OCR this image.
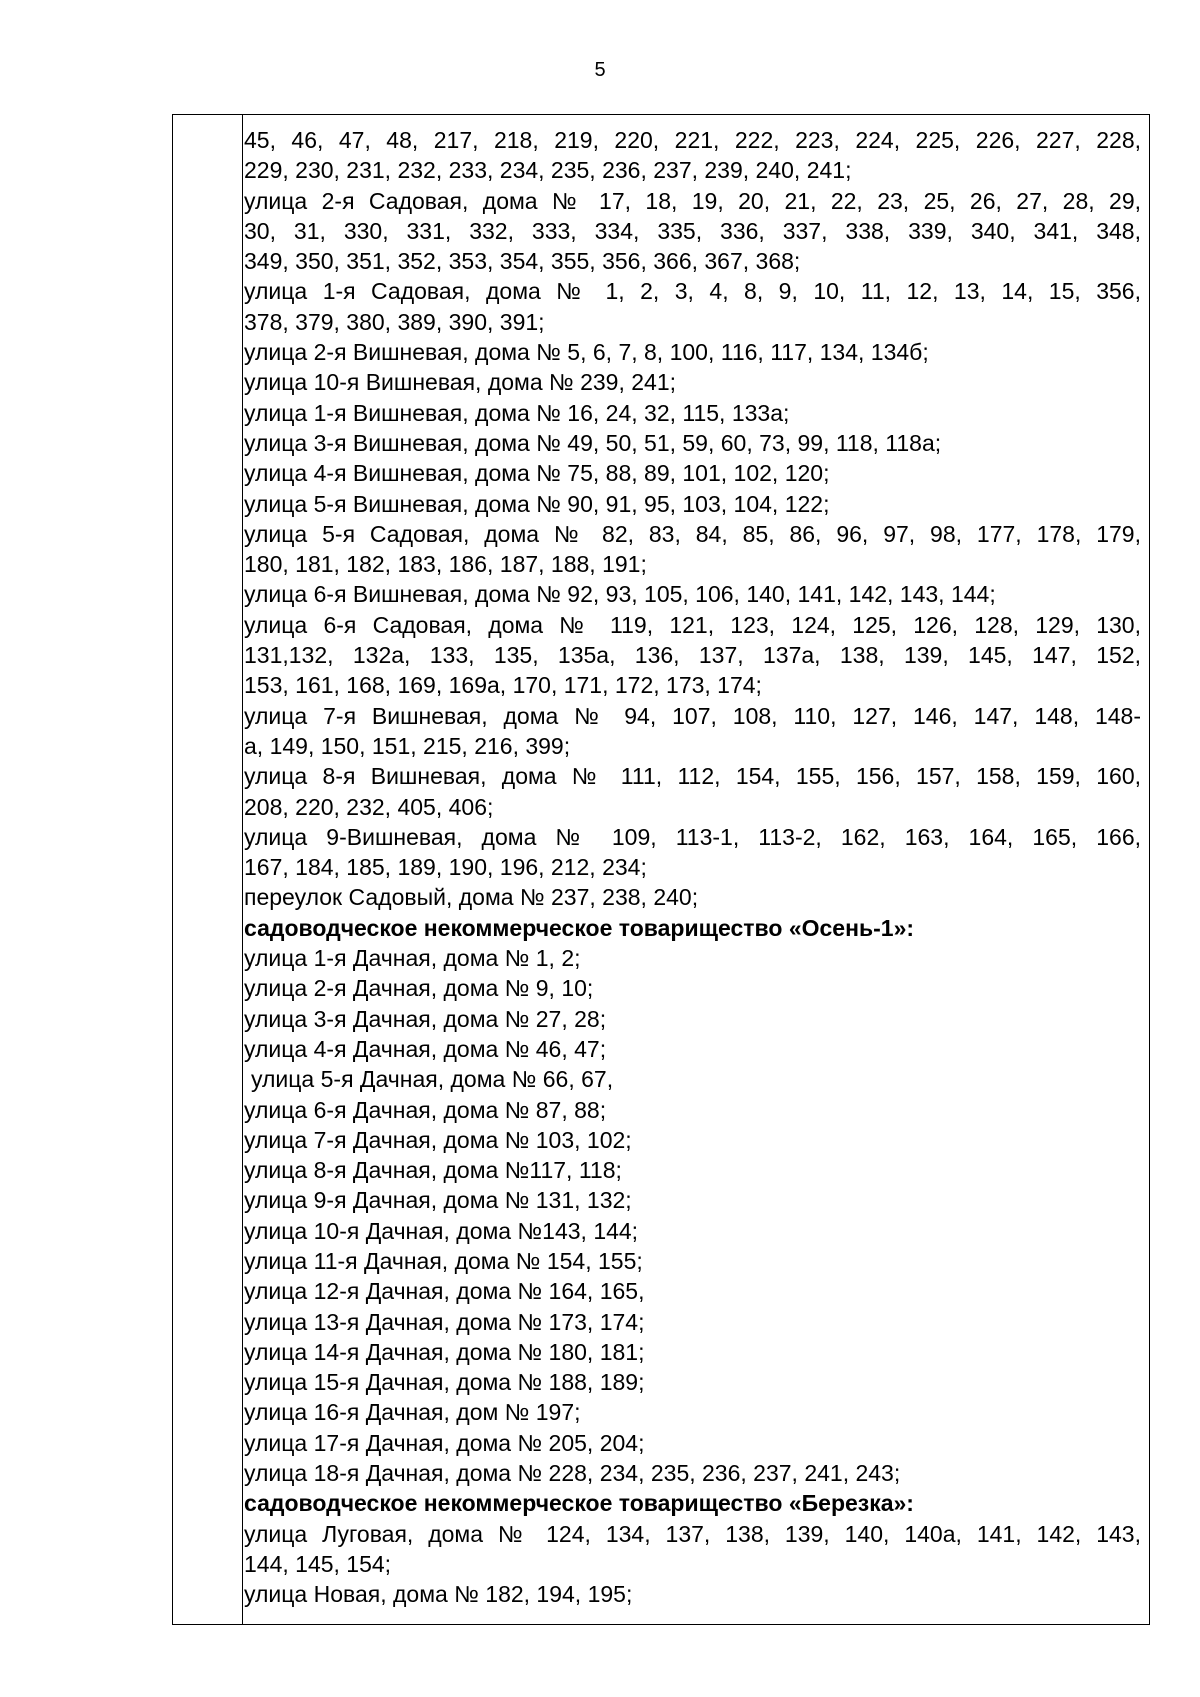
5
45, 46, 47, 48, 217, 218, 219, 220, 221, 222, 223, 224, 225, 226, 227, 228,
229, 230, 231, 232, 233, 234, 235, 236, 237, 239, 240, 241;
улица 2-я Садовая, дома № 17, 18, 19, 20, 21, 22, 23, 25, 26, 27, 28, 29,
30, 31, 330, 331, 332, 333, 334, 335, 336, 337, 338, 339, 340, 341, 348,
349, 350, 351, 352, 353, 354, 355, 356, 366, 367, 368;
улица 1-я Садовая, дома № 1, 2, 3, 4, 8, 9, 10, 11, 12, 13, 14, 15, 356,
378, 379, 380, 389, 390, 391;
улица 2-я Вишневая, дома № 5, 6, 7, 8, 100, 116, 117, 134, 134б;
улица 10-я Вишневая, дома № 239, 241;
улица 1-я Вишневая, дома № 16, 24, 32, 115, 133а;
улица 3-я Вишневая, дома № 49, 50, 51, 59, 60, 73, 99, 118, 118а;
улица 4-я Вишневая, дома № 75, 88, 89, 101, 102, 120;
улица 5-я Вишневая, дома № 90, 91, 95, 103, 104, 122;
улица 5-я Садовая, дома № 82, 83, 84, 85, 86, 96, 97, 98, 177, 178, 179,
180, 181, 182, 183, 186, 187, 188, 191;
улица 6-я Вишневая, дома № 92, 93, 105, 106, 140, 141, 142, 143, 144;
улица 6-я Садовая, дома № 119, 121, 123, 124, 125, 126, 128, 129, 130,
131,132, 132а, 133, 135, 135а, 136, 137, 137а, 138, 139, 145, 147, 152,
153, 161, 168, 169, 169а, 170, 171, 172, 173, 174;
улица 7-я Вишневая, дома № 94, 107, 108, 110, 127, 146, 147, 148, 148-
а, 149, 150, 151, 215, 216, 399;
улица 8-я Вишневая, дома № 111, 112, 154, 155, 156, 157, 158, 159, 160,
208, 220, 232, 405, 406;
улица 9-Вишневая, дома № 109, 113-1, 113-2, 162, 163, 164, 165, 166,
167, 184, 185, 189, 190, 196, 212, 234;
переулок Садовый, дома № 237, 238, 240;
садоводческое некоммерческое товарищество «Осень-1»:
улица 1-я Дачная, дома № 1, 2;
улица 2-я Дачная, дома № 9, 10;
улица 3-я Дачная, дома № 27, 28;
улица 4-я Дачная, дома № 46, 47;
улица 5-я Дачная, дома № 66, 67,
улица 6-я Дачная, дома № 87, 88;
улица 7-я Дачная, дома № 103, 102;
улица 8-я Дачная, дома №117, 118;
улица 9-я Дачная, дома № 131, 132;
улица 10-я Дачная, дома №143, 144;
улица 11-я Дачная, дома № 154, 155;
улица 12-я Дачная, дома № 164, 165,
улица 13-я Дачная, дома № 173, 174;
улица 14-я Дачная, дома № 180, 181;
улица 15-я Дачная, дома № 188, 189;
улица 16-я Дачная, дом № 197;
улица 17-я Дачная, дома № 205, 204;
улица 18-я Дачная, дома № 228, 234, 235, 236, 237, 241, 243;
садоводческое некоммерческое товарищество «Березка»:
улица Луговая, дома № 124, 134, 137, 138, 139, 140, 140а, 141, 142, 143,
144, 145, 154;
улица Новая, дома № 182, 194, 195;
